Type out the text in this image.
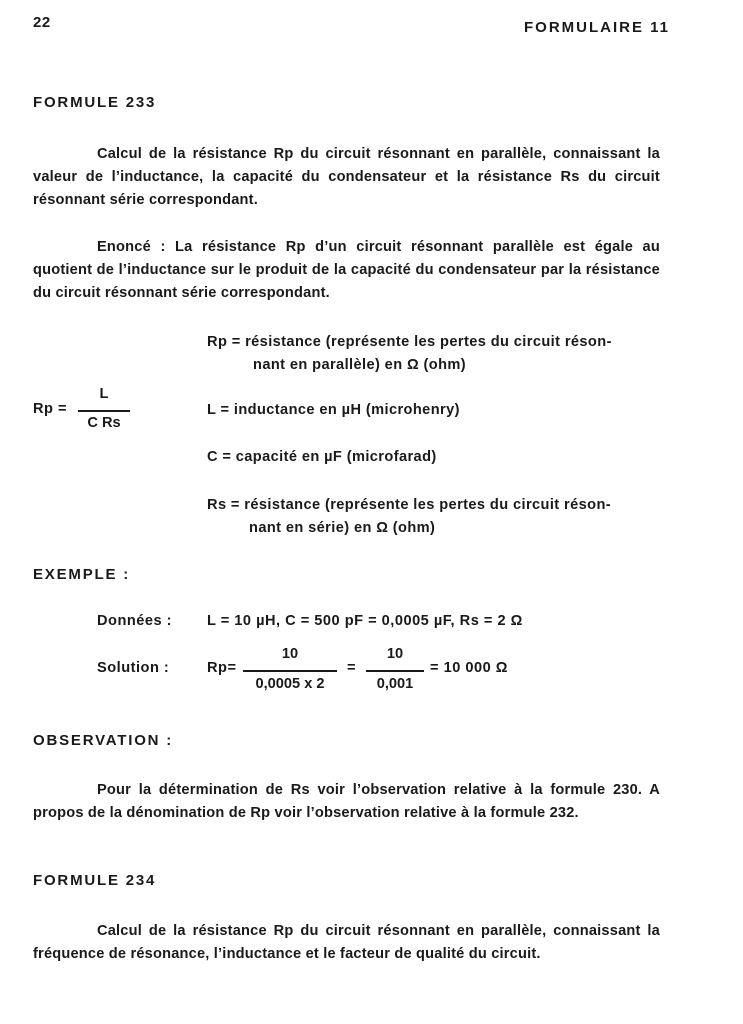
22	FORMULAIRE 11
FORMULE 233
Calcul de la résistance Rp du circuit résonnant en parallèle, connaissant la valeur de l’inductance, la capacité du condensateur et la résistance Rs du circuit résonnant série correspondant.
Enoncé : La résistance Rp d’un circuit résonnant parallèle est égale au quotient de l’inductance sur le produit de la capacité du condensateur par la résistance du circuit résonnant série correspondant.
Rp =
L
C Rs
Rp = résistance (représente les pertes du circuit réson-
nant en parallèle) en Ω (ohm)
L = inductance en µH (microhenry)
C = capacité en µF (microfarad)
Rs = résistance (représente les pertes du circuit réson-
nant en série) en Ω (ohm)
EXEMPLE :
Données : L = 10 µH, C = 500 pF = 0,0005 µF, Rs = 2 Ω
Solution :	Rp=
10
0,0005 x 2
=
10
0,001
= 10 000 Ω
OBSERVATION :
Pour la détermination de Rs voir l’observation relative à la formule 230. A propos de la dénomination de Rp voir l’observation relative à la formule 232.
FORMULE 234
Calcul de la résistance Rp du circuit résonnant en parallèle, connaissant la fréquence de résonance, l’inductance et le facteur de qualité du circuit.
